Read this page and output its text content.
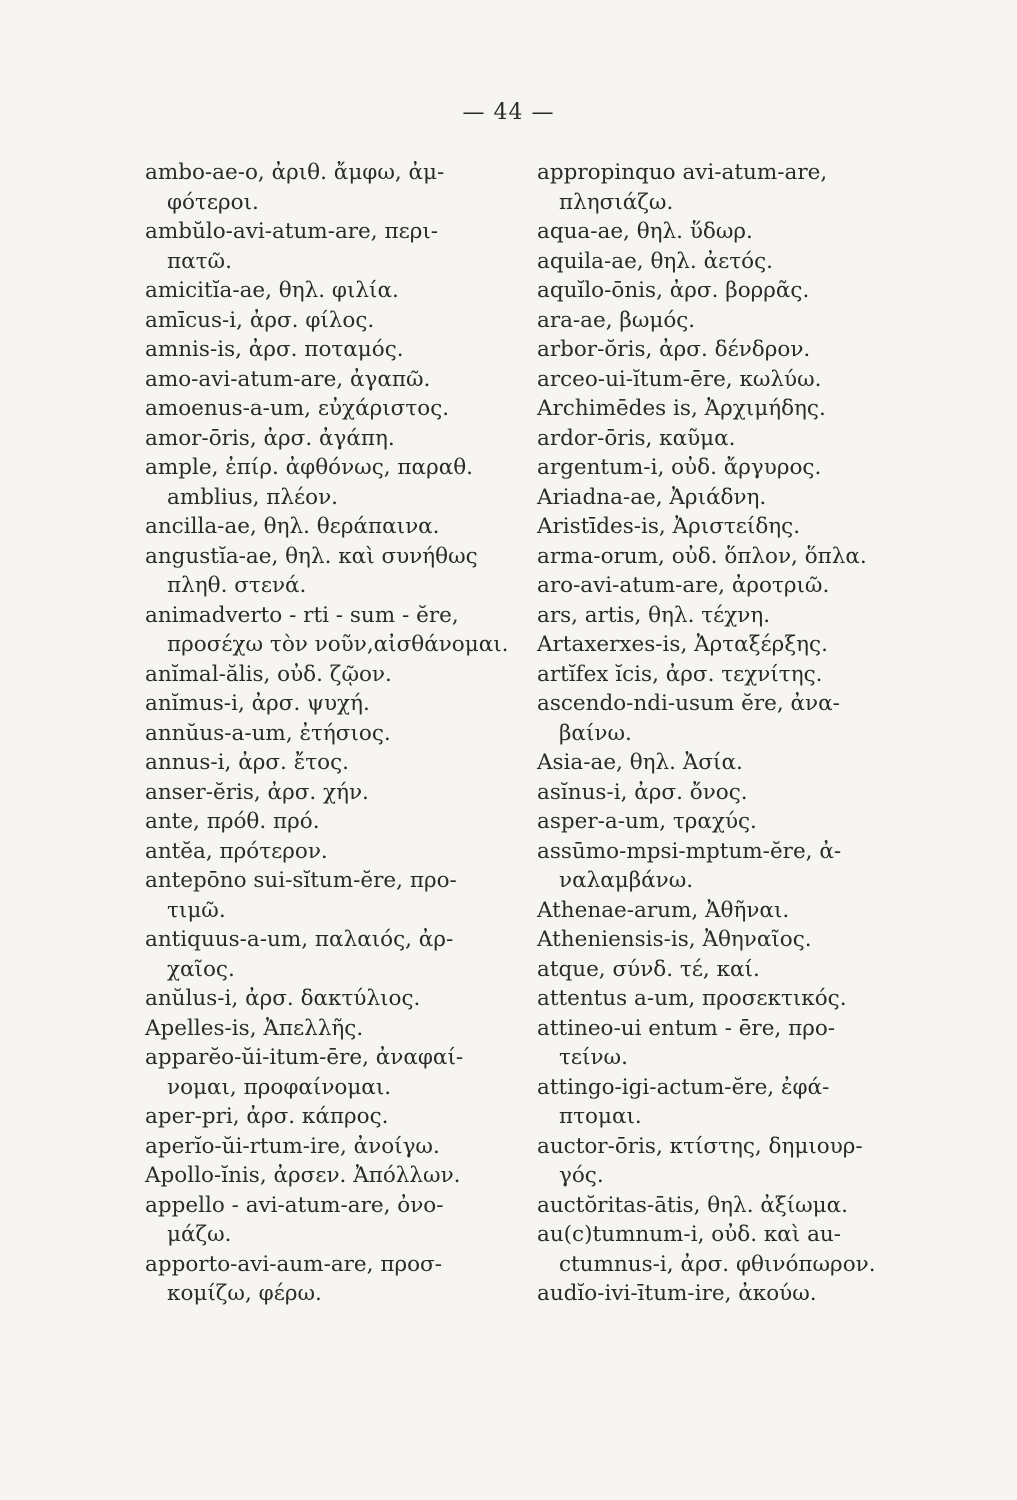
— 44 —
ambo-ae-o, ἀριθ. ἄμφω, ἀμ-
φότεροι.
ambŭlo-avi-atum-are, περι-
πατῶ.
amicitĭa-ae, θηλ. φιλία.
amīcus-i, ἀρσ. φίλος.
amnis-is, ἀρσ. ποταμός.
amo-avi-atum-are, ἀγαπῶ.
amoenus-a-um, εὐχάριστος.
amor-ōris, ἀρσ. ἀγάπη.
ample, ἐπίρ. ἀφθόνως, παραθ.
amblius, πλέον.
ancilla-ae, θηλ. θεράπαινα.
angustĭa-ae, θηλ. καὶ συνήθως
πληθ. στενά.
animadverto - rti - sum - ĕre,
προσέχω τὸν νοῦν,αἰσθάνομαι.
anĭmal-ălis, οὐδ. ζῷον.
anĭmus-i, ἀρσ. ψυχή.
annŭus-a-um, ἐτήσιος.
annus-i, ἀρσ. ἔτος.
anser-ĕris, ἀρσ. χήν.
ante, πρόθ. πρό.
antĕa, πρότερον.
antepōno sui-sĭtum-ĕre, προ-
τιμῶ.
antiquus-a-um, παλαιός, ἀρ-
χαῖος.
anŭlus-i, ἀρσ. δακτύλιος.
Apelles-is, Ἀπελλῆς.
apparĕo-ŭi-itum-ēre, ἀναφαί-
νομαι, προφαίνομαι.
aper-pri, ἀρσ. κάπρος.
aperĭo-ŭi-rtum-ire, ἀνοίγω.
Apollo-ĭnis, ἀρσεν. Ἀπόλλων.
appello - avi-atum-are, ὀνο-
μάζω.
apporto-avi-aum-are, προσ-
κομίζω, φέρω.
appropinquo avi-atum-are,
πλησιάζω.
aqua-ae, θηλ. ὕδωρ.
aquila-ae, θηλ. ἀετός.
aquĭlo-ōnis, ἀρσ. βορρᾶς.
ara-ae, βωμός.
arbor-ŏris, ἀρσ. δένδρον.
arceo-ui-ĭtum-ēre, κωλύω.
Archimēdes is, Ἀρχιμήδης.
ardor-ōris, καῦμα.
argentum-i, οὐδ. ἄργυρος.
Ariadna-ae, Ἀριάδνη.
Aristīdes-is, Ἀριστείδης.
arma-orum, οὐδ. ὅπλον, ὅπλα.
aro-avi-atum-are, ἀροτριῶ.
ars, artis, θηλ. τέχνη.
Artaxerxes-is, Ἀρταξέρξης.
artĭfex ĭcis, ἀρσ. τεχνίτης.
ascendo-ndi-usum ĕre, ἀνα-
βαίνω.
Asia-ae, θηλ. Ἀσία.
asĭnus-i, ἀρσ. ὄνος.
asper-a-um, τραχύς.
assūmo-mpsi-mptum-ĕre, ἀ-
ναλαμβάνω.
Athenae-arum, Ἀθῆναι.
Atheniensis-is, Ἀθηναῖος.
atque, σύνδ. τέ, καί.
attentus a-um, προσεκτικός.
attineo-ui entum - ēre, προ-
τείνω.
attingo-igi-actum-ĕre, ἐφά-
πτομαι.
auctor-ōris, κτίστης, δημιουρ-
γός.
auctŏritas-ātis, θηλ. ἀξίωμα.
au(c)tumnum-i, οὐδ. καὶ au-
ctumnus-i, ἀρσ. φθινόπωρον.
audĭo-ivi-ītum-ire, ἀκούω.
